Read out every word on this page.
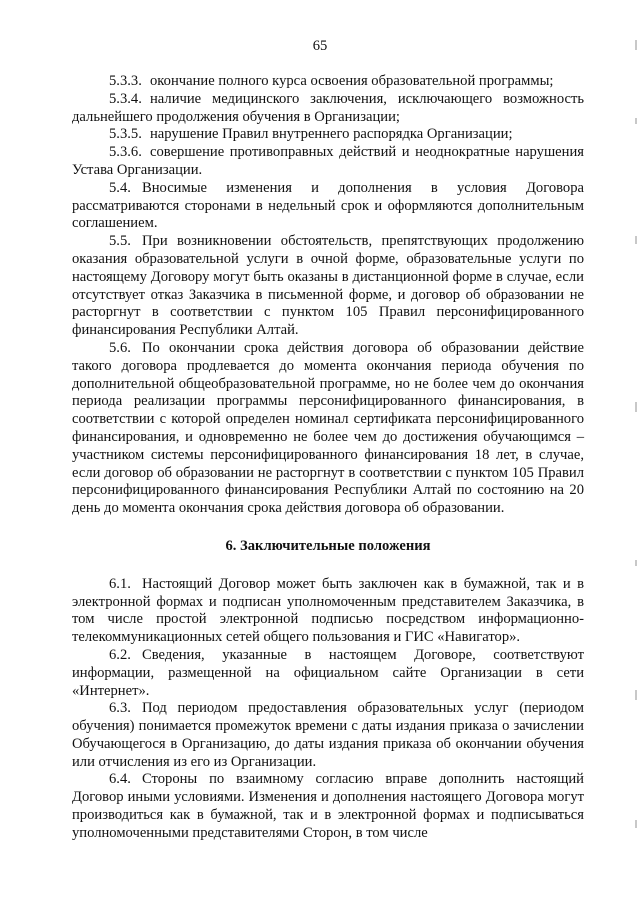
65

5.3.3. окончание полного курса освоения образовательной программы;

5.3.4. наличие медицинского заключения, исключающего возможность дальнейшего продолжения обучения в Организации;

5.3.5. нарушение Правил внутреннего распорядка Организации;

5.3.6. совершение противоправных действий и неоднократные нарушения Устава Организации.

5.4. Вносимые изменения и дополнения в условия Договора рассматриваются сторонами в недельный срок и оформляются дополнительным соглашением.

5.5. При возникновении обстоятельств, препятствующих продолжению оказания образовательной услуги в очной форме, образовательные услуги по настоящему Договору могут быть оказаны в дистанционной форме в случае, если отсутствует отказ Заказчика в письменной форме, и договор об образовании не расторгнут в соответствии с пунктом 105 Правил персонифицированного финансирования Республики Алтай.

5.6. По окончании срока действия договора об образовании действие такого договора продлевается до момента окончания периода обучения по дополнительной общеобразовательной программе, но не более чем до окончания периода реализации программы персонифицированного финансирования, в соответствии с которой определен номинал сертификата персонифицированного финансирования, и одновременно не более чем до достижения обучающимся – участником системы персонифицированного финансирования 18 лет, в случае, если договор об образовании не расторгнут в соответствии с пунктом 105 Правил персонифицированного финансирования Республики Алтай по состоянию на 20 день до момента окончания срока действия договора об образовании.

6. Заключительные положения

6.1. Настоящий Договор может быть заключен как в бумажной, так и в электронной формах и подписан уполномоченным представителем Заказчика, в том числе простой электронной подписью посредством информационно-телекоммуникационных сетей общего пользования и ГИС «Навигатор».

6.2. Сведения, указанные в настоящем Договоре, соответствуют информации, размещенной на официальном сайте Организации в сети «Интернет».

6.3. Под периодом предоставления образовательных услуг (периодом обучения) понимается промежуток времени с даты издания приказа о зачислении Обучающегося в Организацию, до даты издания приказа об окончании обучения или отчисления из его из Организации.

6.4. Стороны по взаимному согласию вправе дополнить настоящий Договор иными условиями. Изменения и дополнения настоящего Договора могут производиться как в бумажной, так и в электронной формах и подписываться уполномоченными представителями Сторон, в том числе
